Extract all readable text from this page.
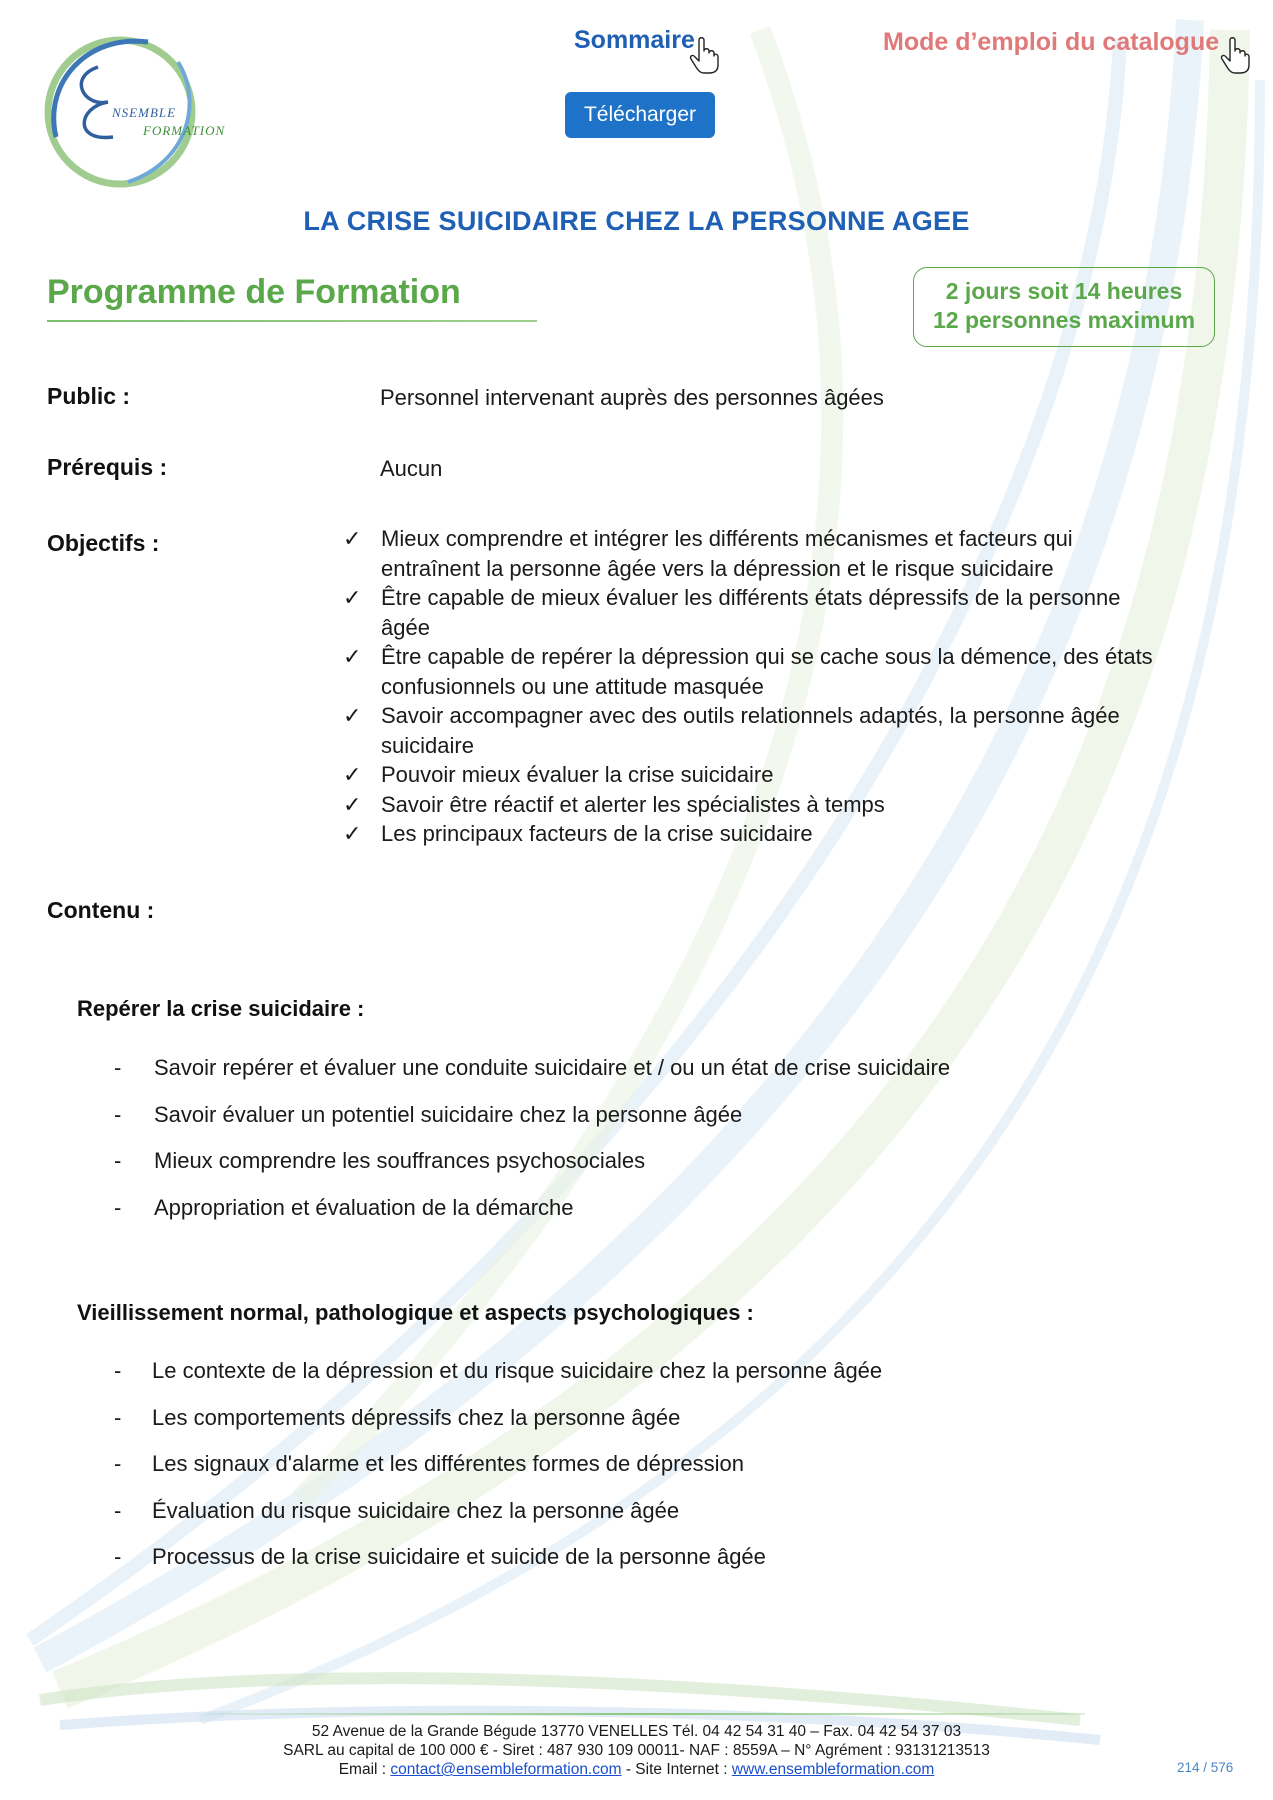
NSEMBLE
FORMATION
Sommaire	Mode d’emploi du catalogue
Télécharger
LA CRISE SUICIDAIRE CHEZ LA PERSONNE AGEE
Programme de Formation	2 jours soit 14 heures
12 personnes maximum
Public :	Personnel intervenant auprès des personnes âgées
Prérequis :	Aucun
Objectifs :	✓ Mieux comprendre et intégrer les différents mécanismes et facteurs qui
entraînent la personne âgée vers la dépression et le risque suicidaire
✓ Être capable de mieux évaluer les différents états dépressifs de la personne
âgée
✓ Être capable de repérer la dépression qui se cache sous la démence, des états
confusionnels ou une attitude masquée
✓ Savoir accompagner avec des outils relationnels adaptés, la personne âgée
suicidaire
✓ Pouvoir mieux évaluer la crise suicidaire
✓ Savoir être réactif et alerter les spécialistes à temps
✓ Les principaux facteurs de la crise suicidaire
Contenu :
Repérer la crise suicidaire :
- Savoir repérer et évaluer une conduite suicidaire et / ou un état de crise suicidaire
- Savoir évaluer un potentiel suicidaire chez la personne âgée
- Mieux comprendre les souffrances psychosociales
- Appropriation et évaluation de la démarche
Vieillissement normal, pathologique et aspects psychologiques :
- Le contexte de la dépression et du risque suicidaire chez la personne âgée
- Les comportements dépressifs chez la personne âgée
- Les signaux d'alarme et les différentes formes de dépression
- Évaluation du risque suicidaire chez la personne âgée
- Processus de la crise suicidaire et suicide de la personne âgée
52 Avenue de la Grande Bégude 13770 VENELLES Tél. 04 42 54 31 40 – Fax. 04 42 54 37 03
SARL au capital de 100 000 € - Siret : 487 930 109 00011- NAF : 8559A – N° Agrément : 93131213513
Email : contact@ensembleformation.com - Site Internet : www.ensembleformation.com	214 / 576
